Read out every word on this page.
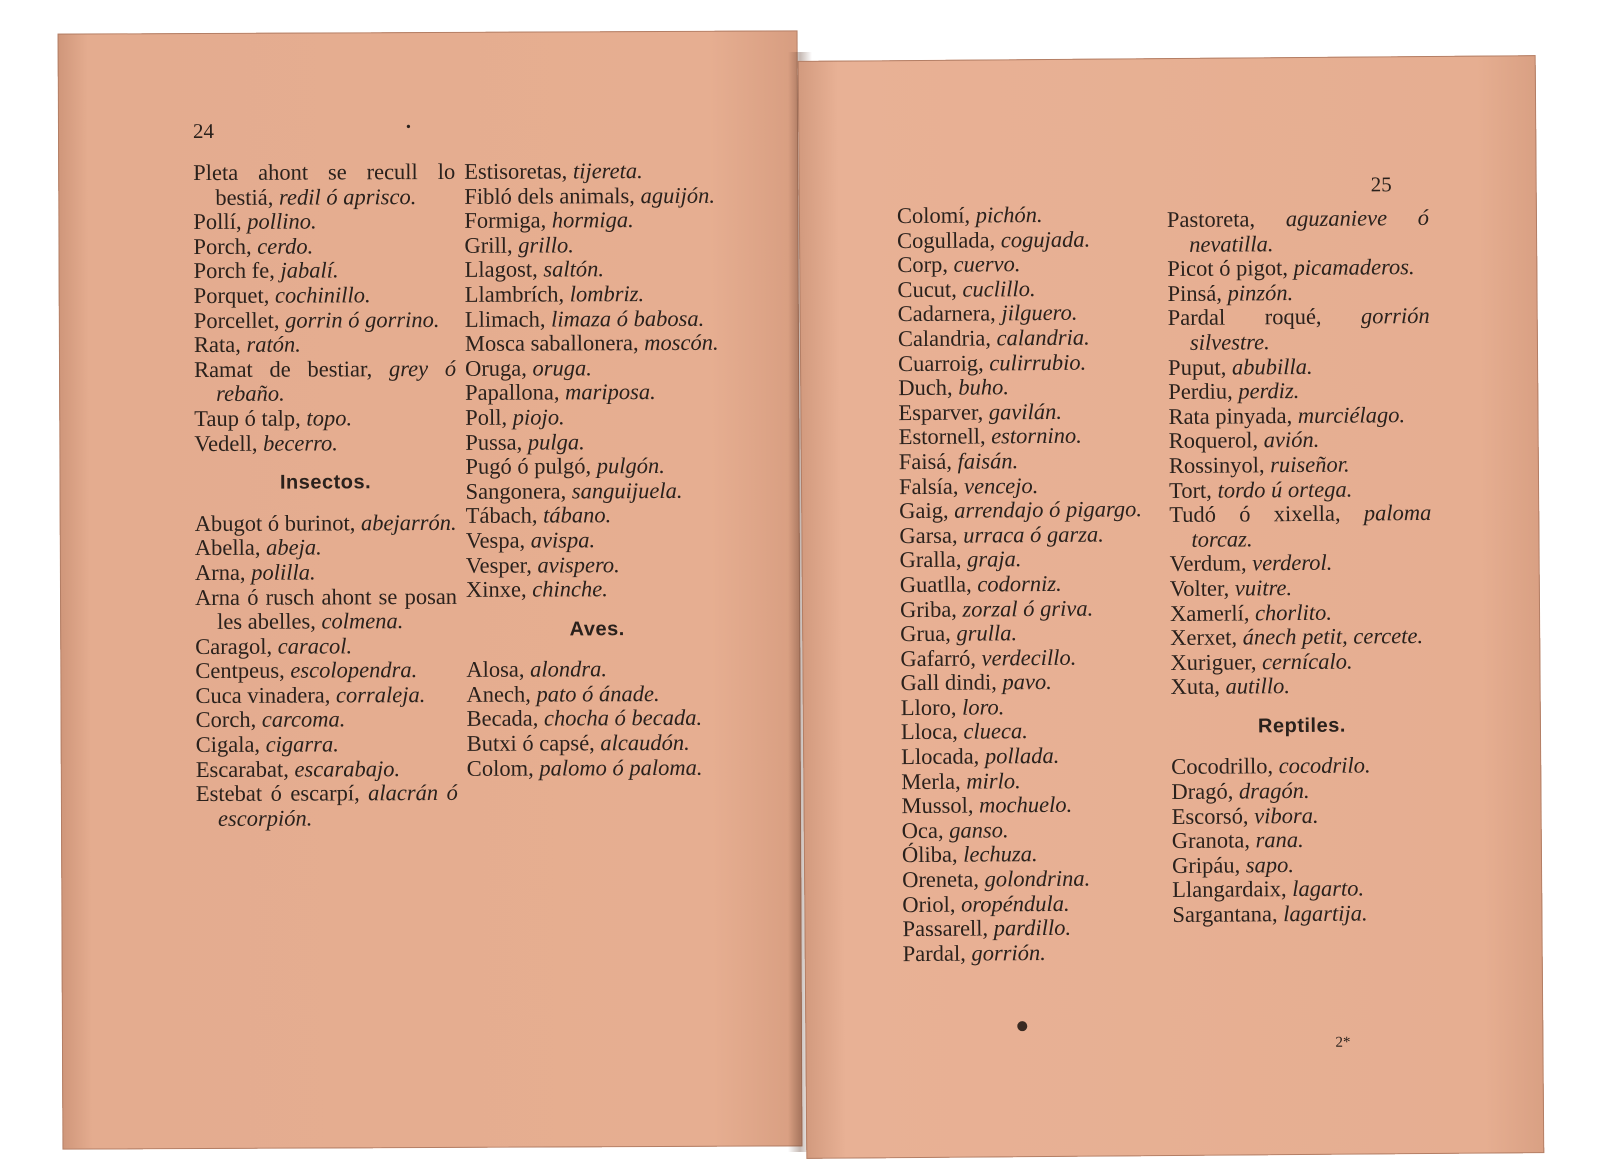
24	•
Pleta ahont se recull lo bestiá, redil ó aprisco.
Pollí, pollino.
Porch, cerdo.
Porch fe, jabalí.
Porquet, cochinillo.
Porcellet, gorrin ó gorrino.
Rata, ratón.
Ramat de bestiar, grey ó rebaño.
Taup ó talp, topo.
Vedell, becerro.
Insectos.
Abugot ó burinot, abejarrón.
Abella, abeja.
Arna, polilla.
Arna ó rusch ahont se posan les abelles, colmena.
Caragol, caracol.
Centpeus, escolopendra.
Cuca vinadera, corraleja.
Corch, carcoma.
Cigala, cigarra.
Escarabat, escarabajo.
Estebat ó escarpí, alacrán ó escorpión.
Estisoretas, tijereta.
Fibló dels animals, aguijón.
Formiga, hormiga.
Grill, grillo.
Llagost, saltón.
Llambrích, lombriz.
Llimach, limaza ó babosa.
Mosca saballonera, moscón.
Oruga, oruga.
Papallona, mariposa.
Poll, piojo.
Pussa, pulga.
Pugó ó pulgó, pulgón.
Sangonera, sanguijuela.
Tábach, tábano.
Vespa, avispa.
Vesper, avispero.
Xinxe, chinche.
Aves.
Alosa, alondra.
Anech, pato ó ánade.
Becada, chocha ó becada.
Butxi ó capsé, alcaudón.
Colom, palomo ó paloma.
25
Colomí, pichón.
Cogullada, cogujada.
Corp, cuervo.
Cucut, cuclillo.
Cadarnera, jilguero.
Calandria, calandria.
Cuarroig, culirrubio.
Duch, buho.
Esparver, gavilán.
Estornell, estornino.
Faisá, faisán.
Falsía, vencejo.
Gaig, arrendajo ó pigargo.
Garsa, urraca ó garza.
Gralla, graja.
Guatlla, codorniz.
Griba, zorzal ó griva.
Grua, grulla.
Gafarró, verdecillo.
Gall dindi, pavo.
Lloro, loro.
Lloca, clueca.
Llocada, pollada.
Merla, mirlo.
Mussol, mochuelo.
Oca, ganso.
Óliba, lechuza.
Oreneta, golondrina.
Oriol, oropéndula.
Passarell, pardillo.
Pardal, gorrión.
Pastoreta, aguzanieve ó nevatilla.
Picot ó pigot, picamaderos.
Pinsá, pinzón.
Pardal roqué, gorrión silvestre.
Puput, abubilla.
Perdiu, perdiz.
Rata pinyada, murciélago.
Roquerol, avión.
Rossinyol, ruiseñor.
Tort, tordo ú ortega.
Tudó ó xixella, paloma torcaz.
Verdum, verderol.
Volter, vuitre.
Xamerlí, chorlito.
Xerxet, ánech petit, cercete.
Xuriguer, cernícalo.
Xuta, autillo.
Reptiles.
Cocodrillo, cocodrilo.
Dragó, dragón.
Escorsó, vibora.
Granota, rana.
Gripáu, sapo.
Llangardaix, lagarto.
Sargantana, lagartija.
2*
